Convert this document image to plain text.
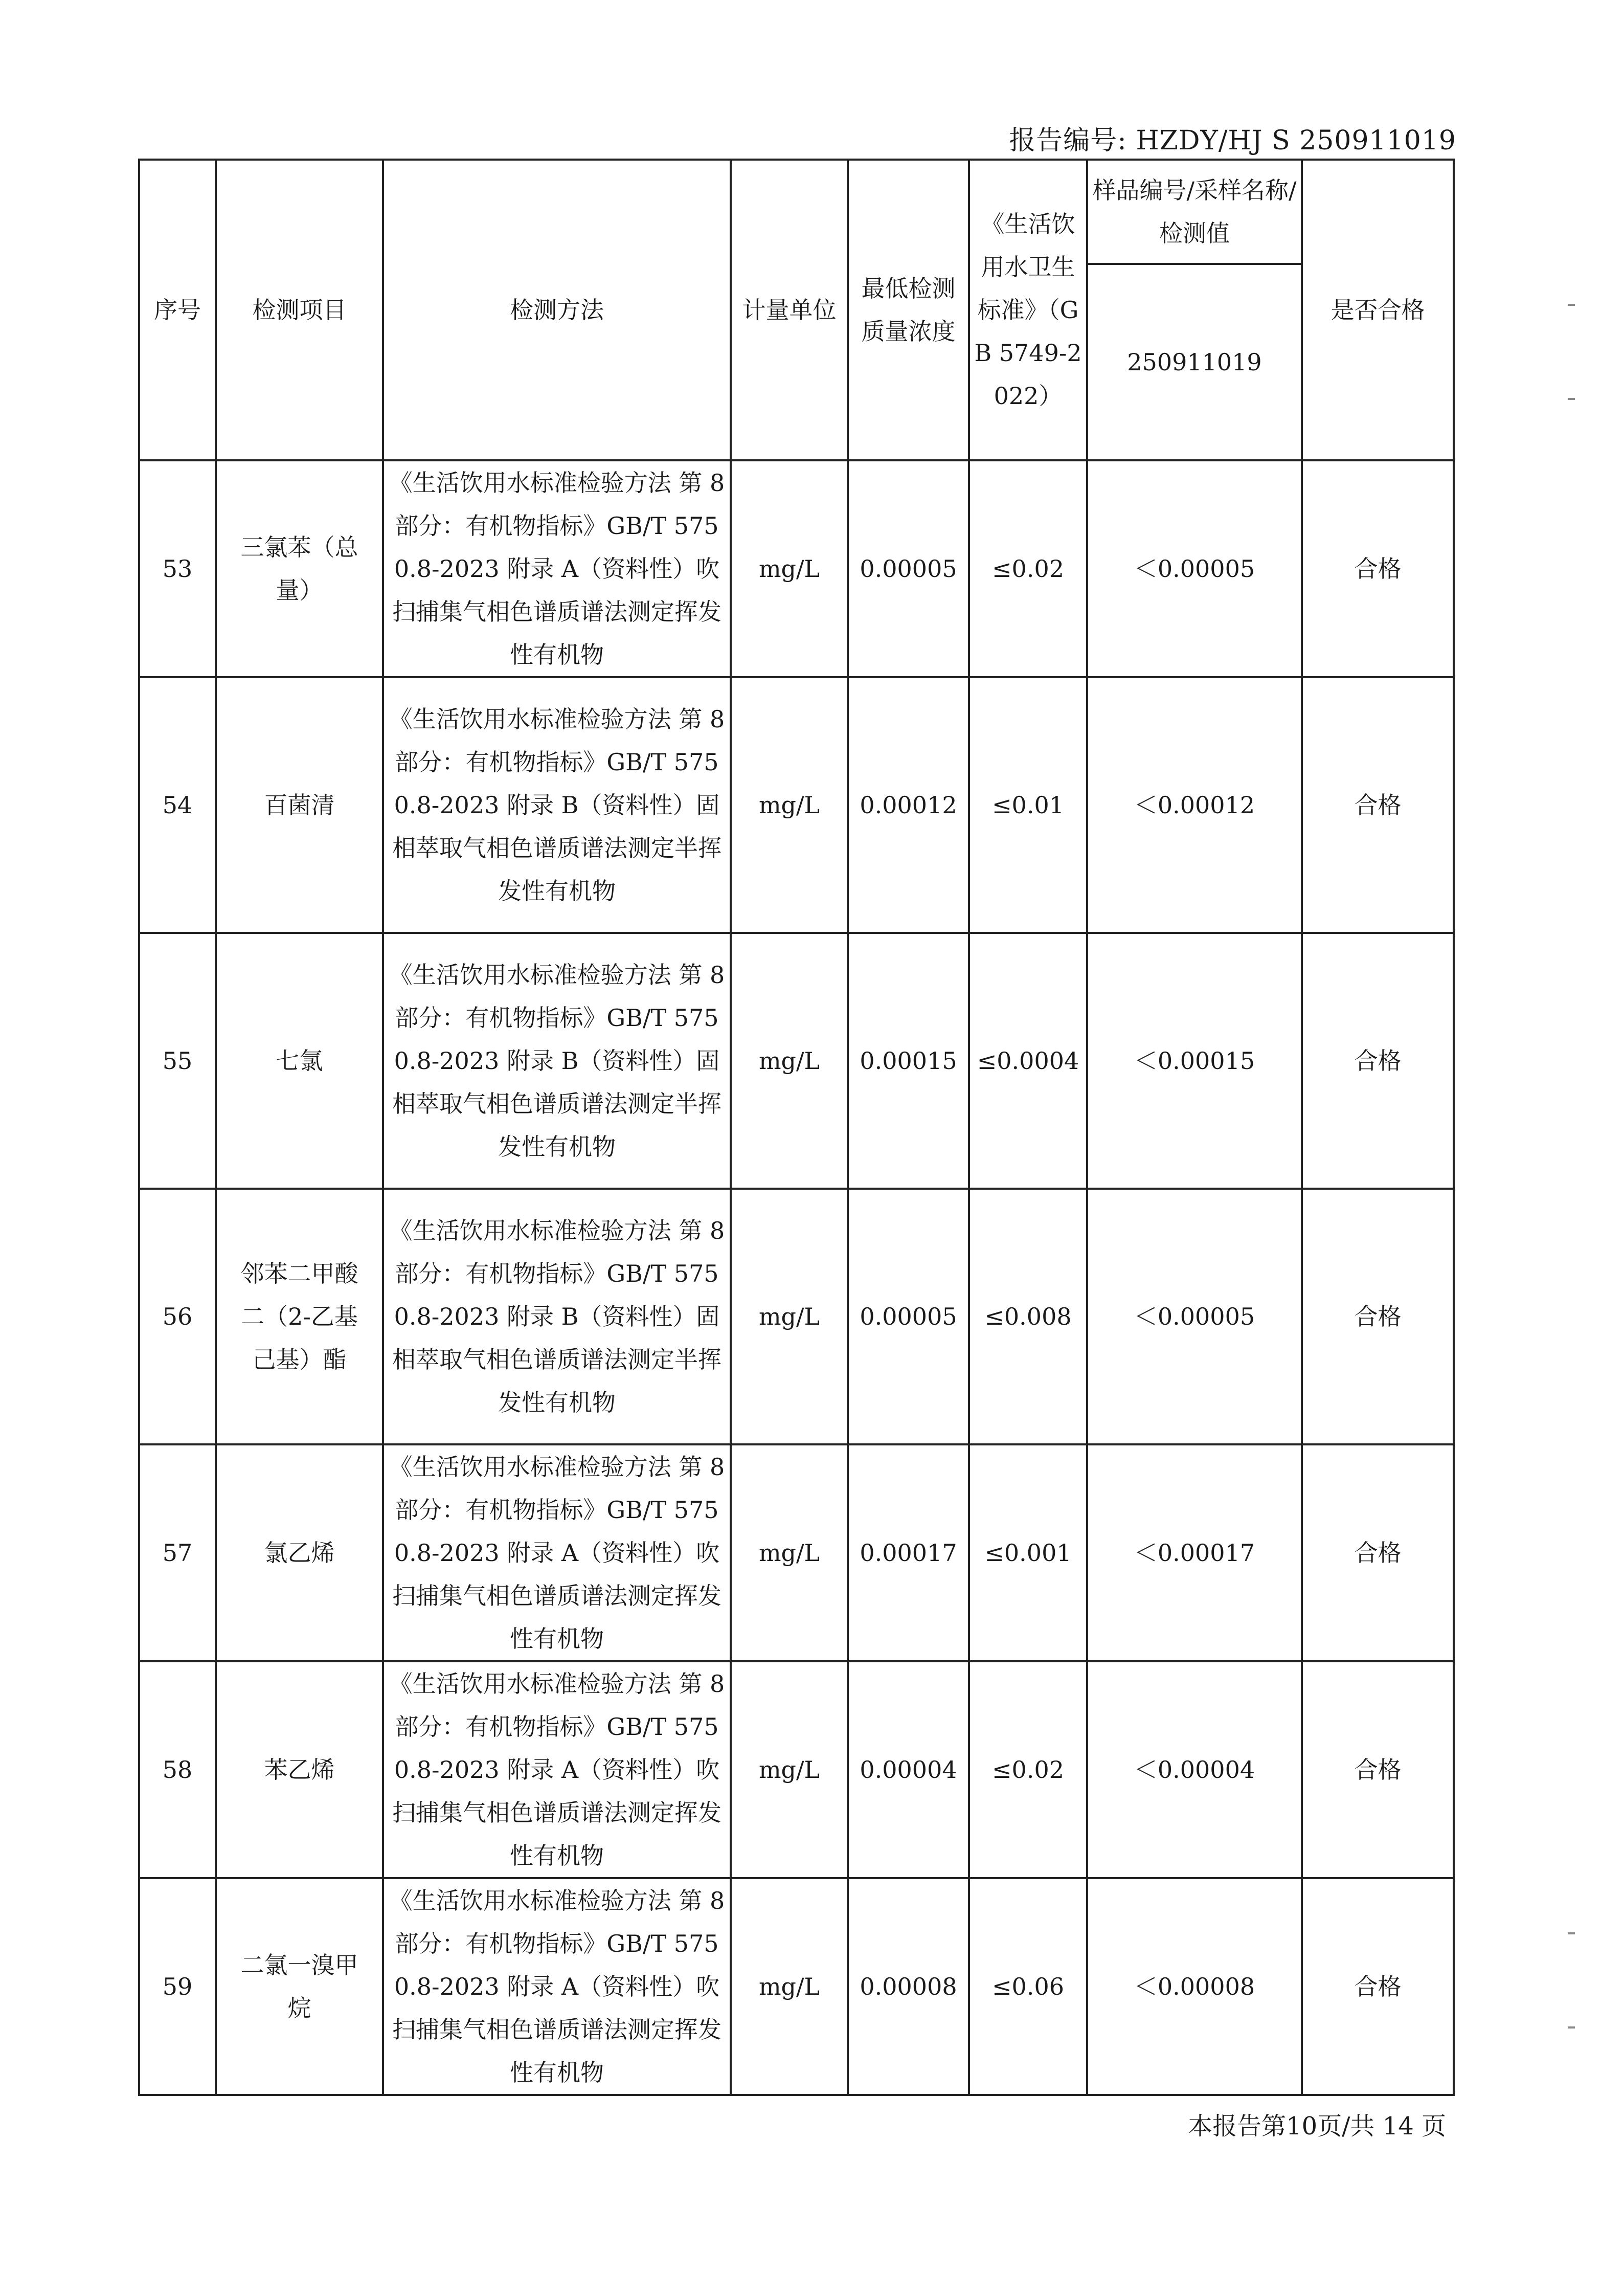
报告编号: HZDY/HJ S 250911019
序号	检测项目	检测方法	计量单位	最低检测质量浓度	《生活饮用水卫生标准》（GB 5749-2022）	样品编号/采样名称/检测值	是否合格
						250911019	
53	三氯苯（总量）	《生活饮用水标准检验方法 第 8 部分：有机物指标》GB/T 5750.8-2023 附录 A（资料性）吹扫捕集气相色谱质谱法测定挥发性有机物	mg/L	0.00005	≤0.02	＜0.00005	合格
54	百菌清	《生活饮用水标准检验方法 第 8 部分：有机物指标》GB/T 5750.8-2023 附录 B（资料性）固相萃取气相色谱质谱法测定半挥发性有机物	mg/L	0.00012	≤0.01	＜0.00012	合格
55	七氯	《生活饮用水标准检验方法 第 8 部分：有机物指标》GB/T 5750.8-2023 附录 B（资料性）固相萃取气相色谱质谱法测定半挥发性有机物	mg/L	0.00015	≤0.0004	＜0.00015	合格
56	邻苯二甲酸二（2-乙基己基）酯	《生活饮用水标准检验方法 第 8 部分：有机物指标》GB/T 5750.8-2023 附录 B（资料性）固相萃取气相色谱质谱法测定半挥发性有机物	mg/L	0.00005	≤0.008	＜0.00005	合格
57	氯乙烯	《生活饮用水标准检验方法 第 8 部分：有机物指标》GB/T 5750.8-2023 附录 A（资料性）吹扫捕集气相色谱质谱法测定挥发性有机物	mg/L	0.00017	≤0.001	＜0.00017	合格
58	苯乙烯	《生活饮用水标准检验方法 第 8 部分：有机物指标》GB/T 5750.8-2023 附录 A（资料性）吹扫捕集气相色谱质谱法测定挥发性有机物	mg/L	0.00004	≤0.02	＜0.00004	合格
59	二氯一溴甲烷	《生活饮用水标准检验方法 第 8 部分：有机物指标》GB/T 5750.8-2023 附录 A（资料性）吹扫捕集气相色谱质谱法测定挥发性有机物	mg/L	0.00008	≤0.06	＜0.00008	合格
本报告第10页/共 14 页
